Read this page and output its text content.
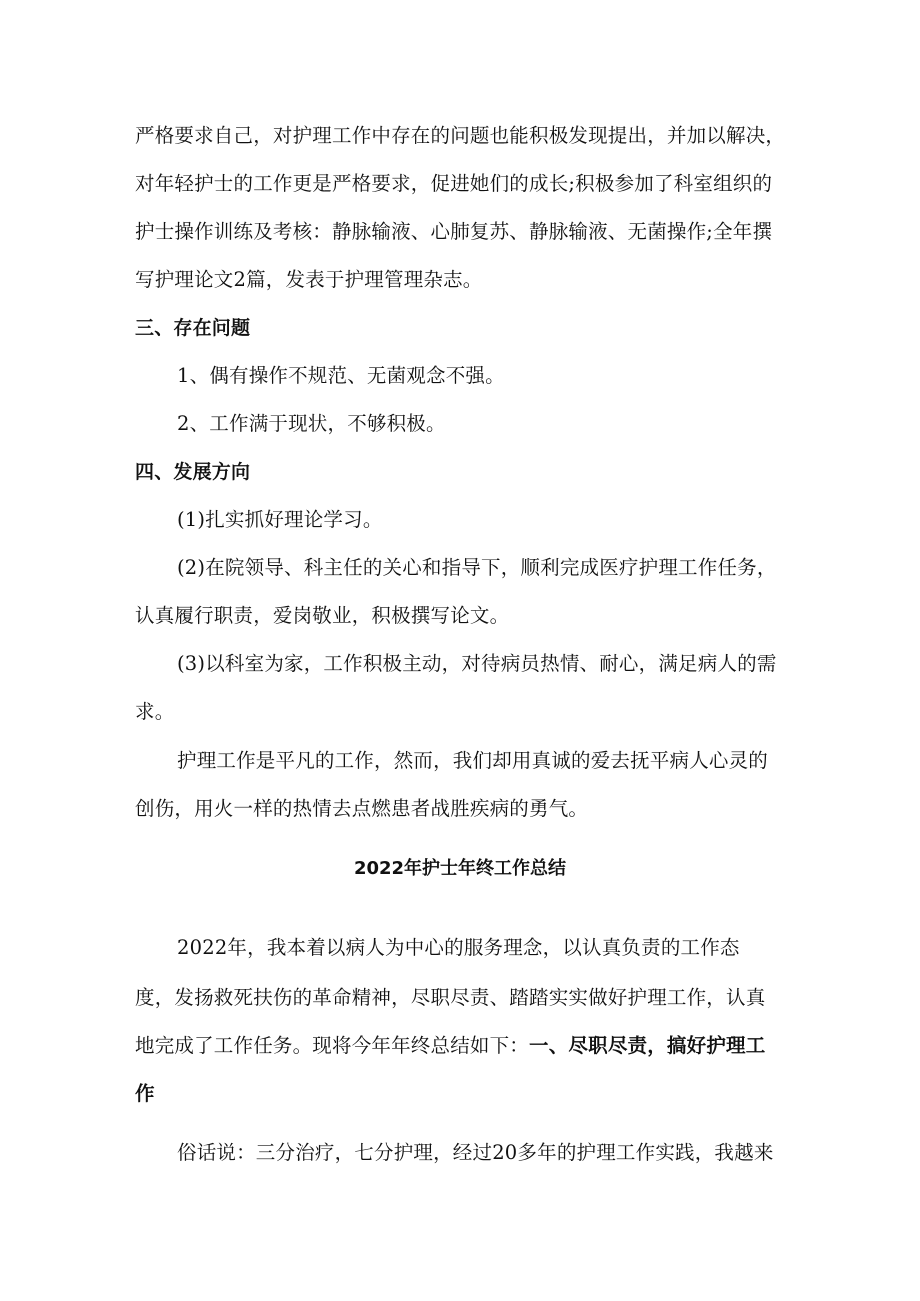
严格要求自己，对护理工作中存在的问题也能积极发现提出，并加以解决，
对年轻护士的工作更是严格要求，促进她们的成长;积极参加了科室组织的
护士操作训练及考核：静脉输液、心肺复苏、静脉输液、无菌操作;全年撰
写护理论文2篇，发表于护理管理杂志。
三、存在问题
1、偶有操作不规范、无菌观念不强。
2、工作满于现状，不够积极。
四、发展方向
(1)扎实抓好理论学习。
(2)在院领导、科主任的关心和指导下，顺利完成医疗护理工作任务，
认真履行职责，爱岗敬业，积极撰写论文。
(3)以科室为家，工作积极主动，对待病员热情、耐心，满足病人的需
求。
护理工作是平凡的工作，然而，我们却用真诚的爱去抚平病人心灵的
创伤，用火一样的热情去点燃患者战胜疾病的勇气。
2022年护士年终工作总结
2022年，我本着以病人为中心的服务理念，以认真负责的工作态
度，发扬救死扶伤的革命精神，尽职尽责、踏踏实实做好护理工作，认真
地完成了工作任务。现将今年年终总结如下：一、尽职尽责，搞好护理工
作
俗话说：三分治疗，七分护理，经过20多年的护理工作实践，我越来
